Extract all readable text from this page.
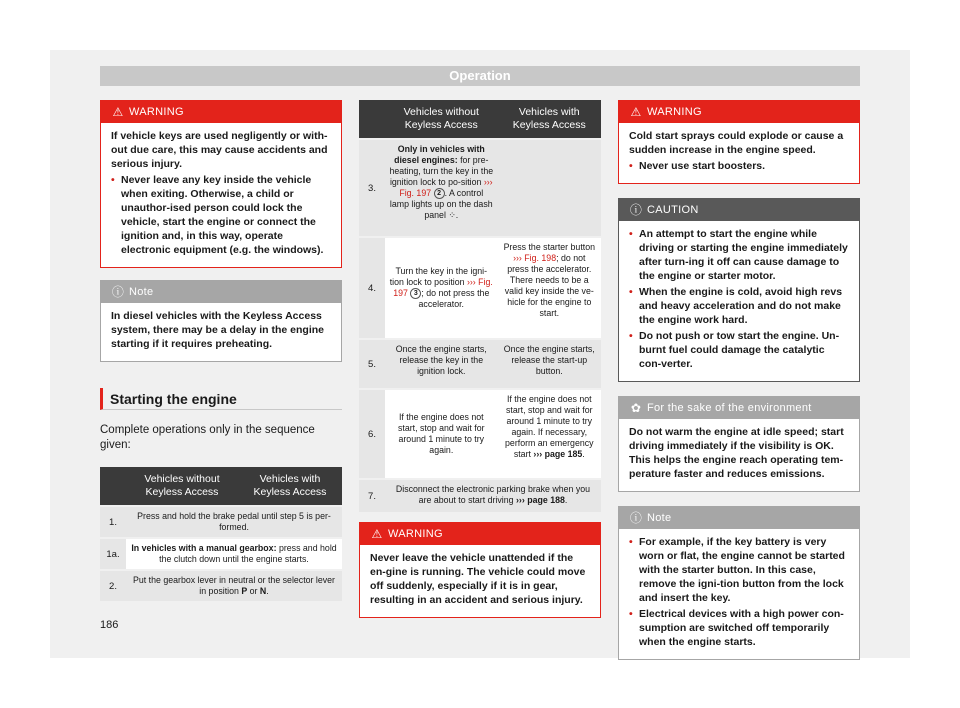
Operation
⚠ WARNING

If vehicle keys are used negligently or with-out due care, this may cause accidents and serious injury.

• Never leave any key inside the vehicle when exiting. Otherwise, a child or unauthor-ised person could lock the vehicle, start the engine or connect the ignition and, in this way, operate electronic equipment (e.g. the windows).

ⓘ Note

In diesel vehicles with the Keyless Access system, there may be a delay in the engine starting if it requires preheating.

Starting the engine
Complete operations only in the sequence given:
	Vehicles without Keyless Access	Vehicles with Keyless Access
1.	Press and hold the brake pedal until step 5 is per-formed.	
1a.	In vehicles with a manual gearbox: press and hold the clutch down until the engine starts.	
2.	Put the gearbox lever in neutral or the selector lever in position P or N.	
	Vehicles without Keyless Access	Vehicles with Keyless Access
3.	Only in vehicles with diesel engines: for pre-heating, turn the key in the ignition lock to po-sition ››› Fig. 197 2 . A control lamp lights up on the dash panel ⁘.	
4.	Turn the key in the igni-tion lock to position ››› Fig. 197 3 ; do not press the accelerator.	Press the starter button ››› Fig. 198; do not press the accelerator. There needs to be a valid key inside the ve-hicle for the engine to start.
5.	Once the engine starts, release the key in the ignition lock.	Once the engine starts, release the start-up button.
6.	If the engine does not start, stop and wait for around 1 minute to try again.	If the engine does not start, stop and wait for around 1 minute to try again. If necessary, perform an emergency start ››› page 185.
7.	Disconnect the electronic parking brake when you are about to start driving ››› page 188.	
⚠ WARNING

Never leave the vehicle unattended if the en-gine is running. The vehicle could move off suddenly, especially if it is in gear, resulting in an accident and serious injury.

⚠ WARNING

Cold start sprays could explode or cause a sudden increase in the engine speed.

• Never use start boosters.

ⓘ CAUTION

• An attempt to start the engine while driving or starting the engine immediately after turn-ing it off can cause damage to the engine or starter motor.

• When the engine is cold, avoid high revs and heavy acceleration and do not make the engine work hard.

• Do not push or tow start the engine. Un-burnt fuel could damage the catalytic con-verter.

✿ For the sake of the environment

Do not warm the engine at idle speed; start driving immediately if the visibility is OK. This helps the engine reach operating tem-perature faster and reduces emissions.

ⓘ Note

• For example, if the key battery is very worn or flat, the engine cannot be started with the starter button. In this case, remove the igni-tion button from the lock and insert the key.

• Electrical devices with a high power con-sumption are switched off temporarily when the engine starts.

186
